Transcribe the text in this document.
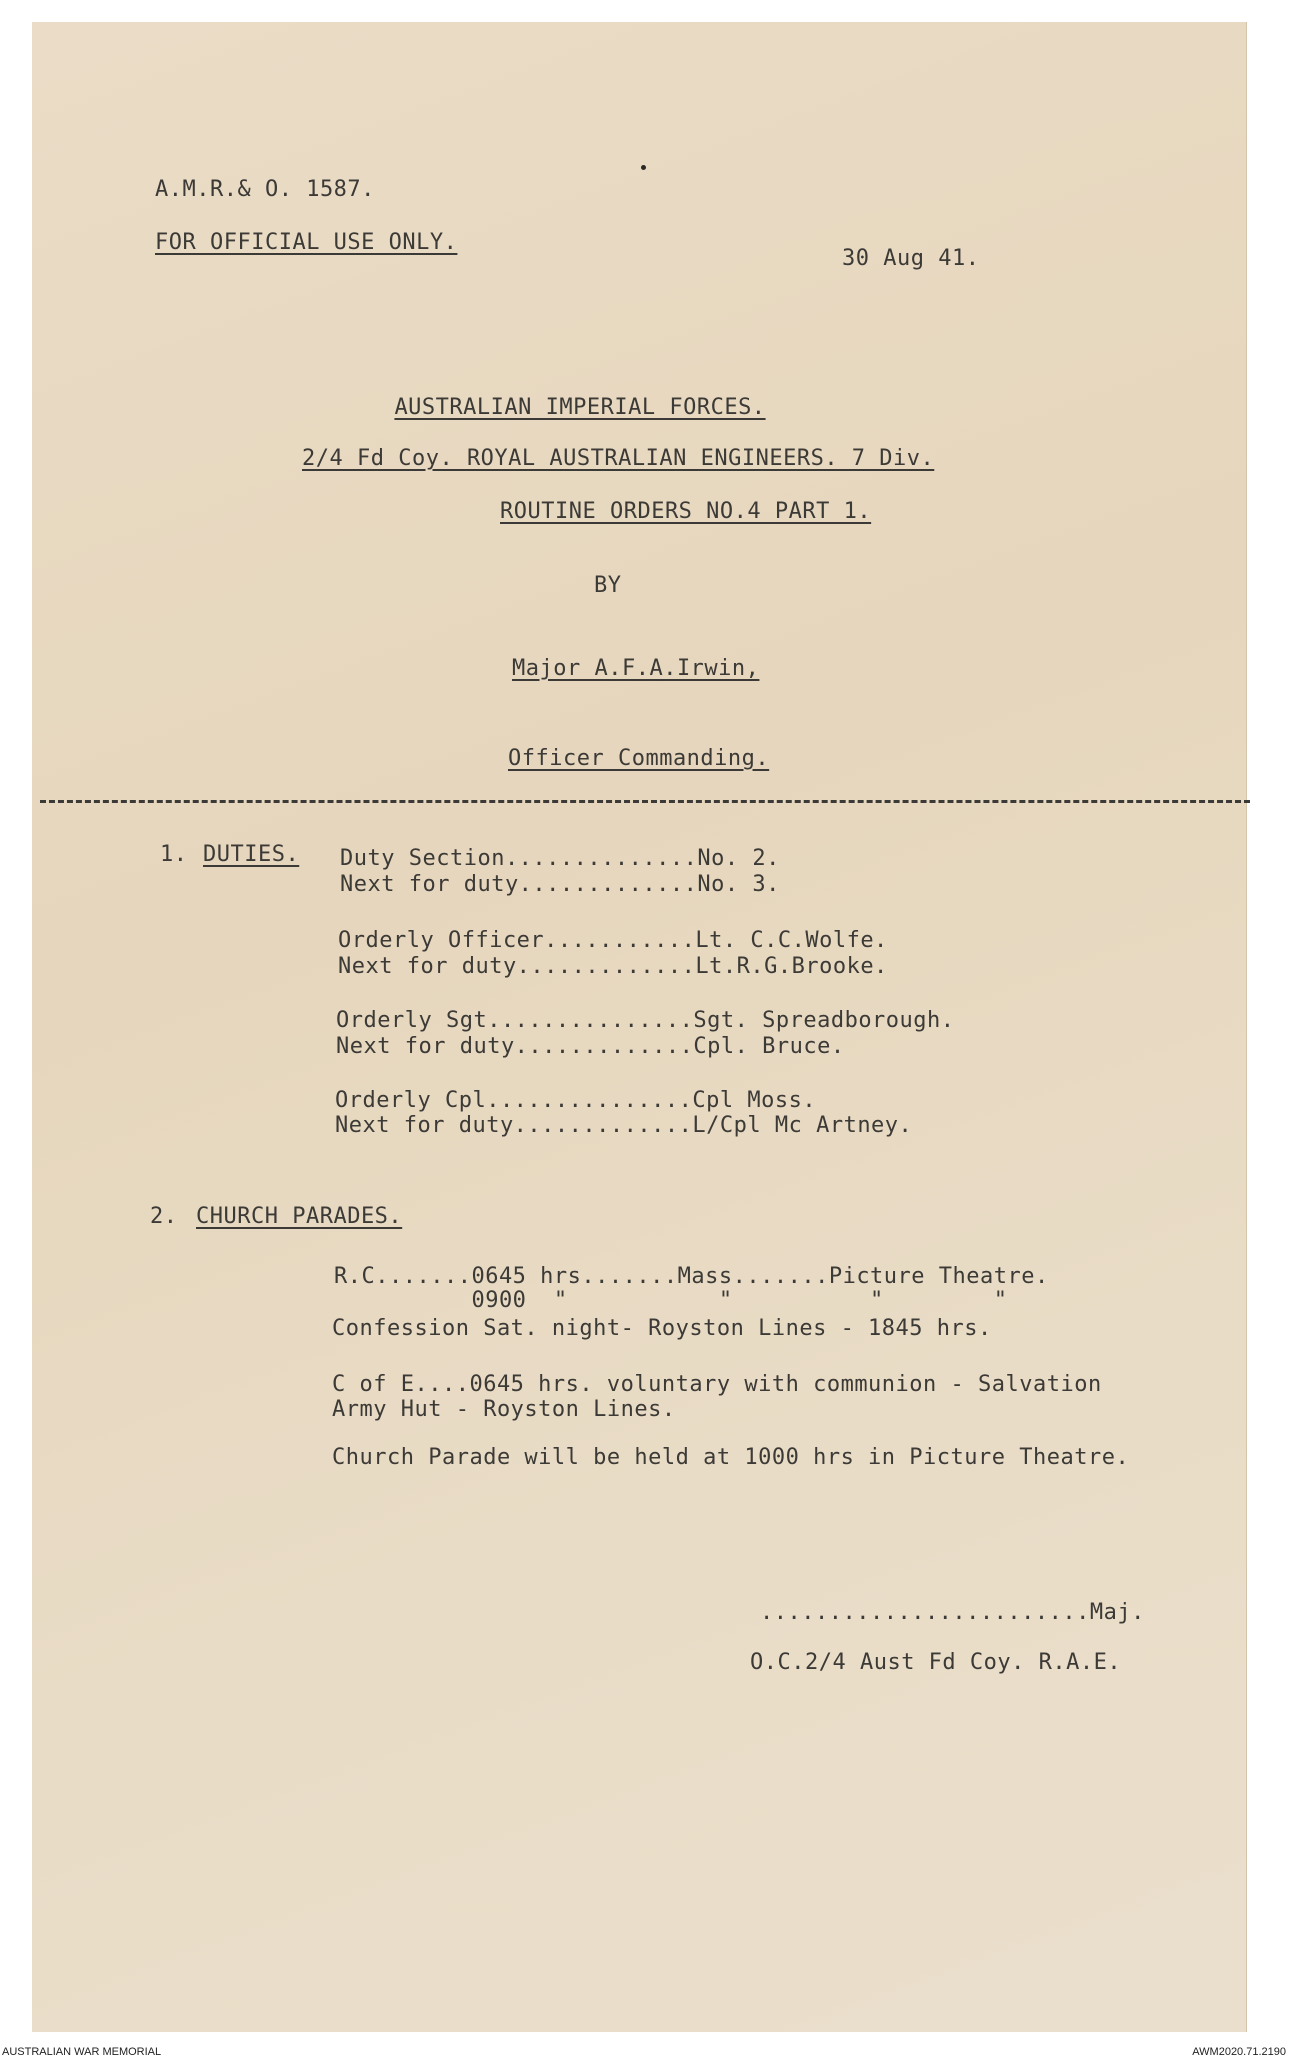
A.M.R.& O. 1587.
FOR OFFICIAL USE ONLY.
30 Aug 41.
AUSTRALIAN IMPERIAL FORCES.
2/4 Fd Coy. ROYAL AUSTRALIAN ENGINEERS. 7 Div.
ROUTINE ORDERS NO.4 PART 1.
BY
Major A.F.A.Irwin,
Officer Commanding.
1. DUTIES. Duty Section..............No. 2.
Next for duty.............No. 3.
Orderly Officer...........Lt. C.C.Wolfe.
Next for duty.............Lt.R.G.Brooke.
Orderly Sgt...............Sgt. Spreadborough.
Next for duty.............Cpl. Bruce.
Orderly Cpl...............Cpl Moss.
Next for duty.............L/Cpl Mc Artney.
2. CHURCH PARADES.
R.C.......0645 hrs.......Mass.......Picture Theatre.
0900  "           "          "        "
Confession Sat. night- Royston Lines - 1845 hrs.
C of E....0645 hrs. voluntary with communion - Salvation
Army Hut - Royston Lines.
Church Parade will be held at 1000 hrs in Picture Theatre.
........................Maj.
O.C.2/4 Aust Fd Coy. R.A.E.
AUSTRALIAN WAR MEMORIAL	AWM2020.71.2190
